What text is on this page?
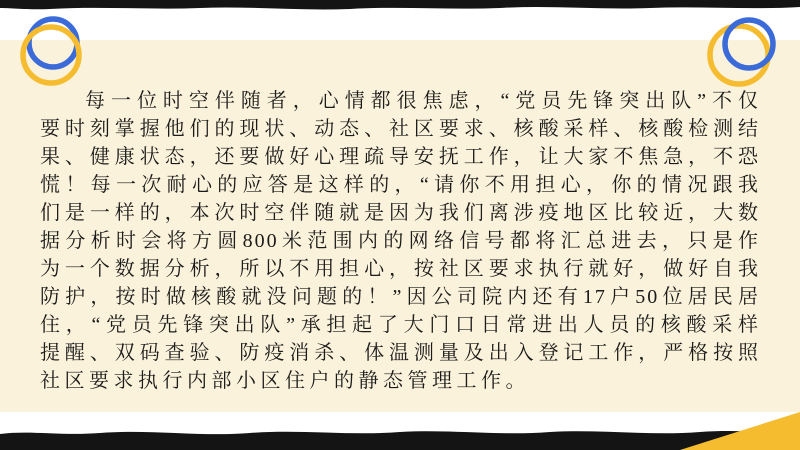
每一位时空伴随者，心情都很焦虑，“党员先锋突出队”不仅
要时刻掌握他们的现状、动态、社区要求、核酸采样、核酸检测结
果、健康状态，还要做好心理疏导安抚工作，让大家不焦急，不恐
慌！每一次耐心的应答是这样的，“请你不用担心，你的情况跟我
们是一样的，本次时空伴随就是因为我们离涉疫地区比较近，大数
据分析时会将方圆800米范围内的网络信号都将汇总进去，只是作
为一个数据分析，所以不用担心，按社区要求执行就好，做好自我
防护，按时做核酸就没问题的！”因公司院内还有17户50位居民居
住，“党员先锋突出队”承担起了大门口日常进出人员的核酸采样
提醒、双码查验、防疫消杀、体温测量及出入登记工作，严格按照
社区要求执行内部小区住户的静态管理工作。
